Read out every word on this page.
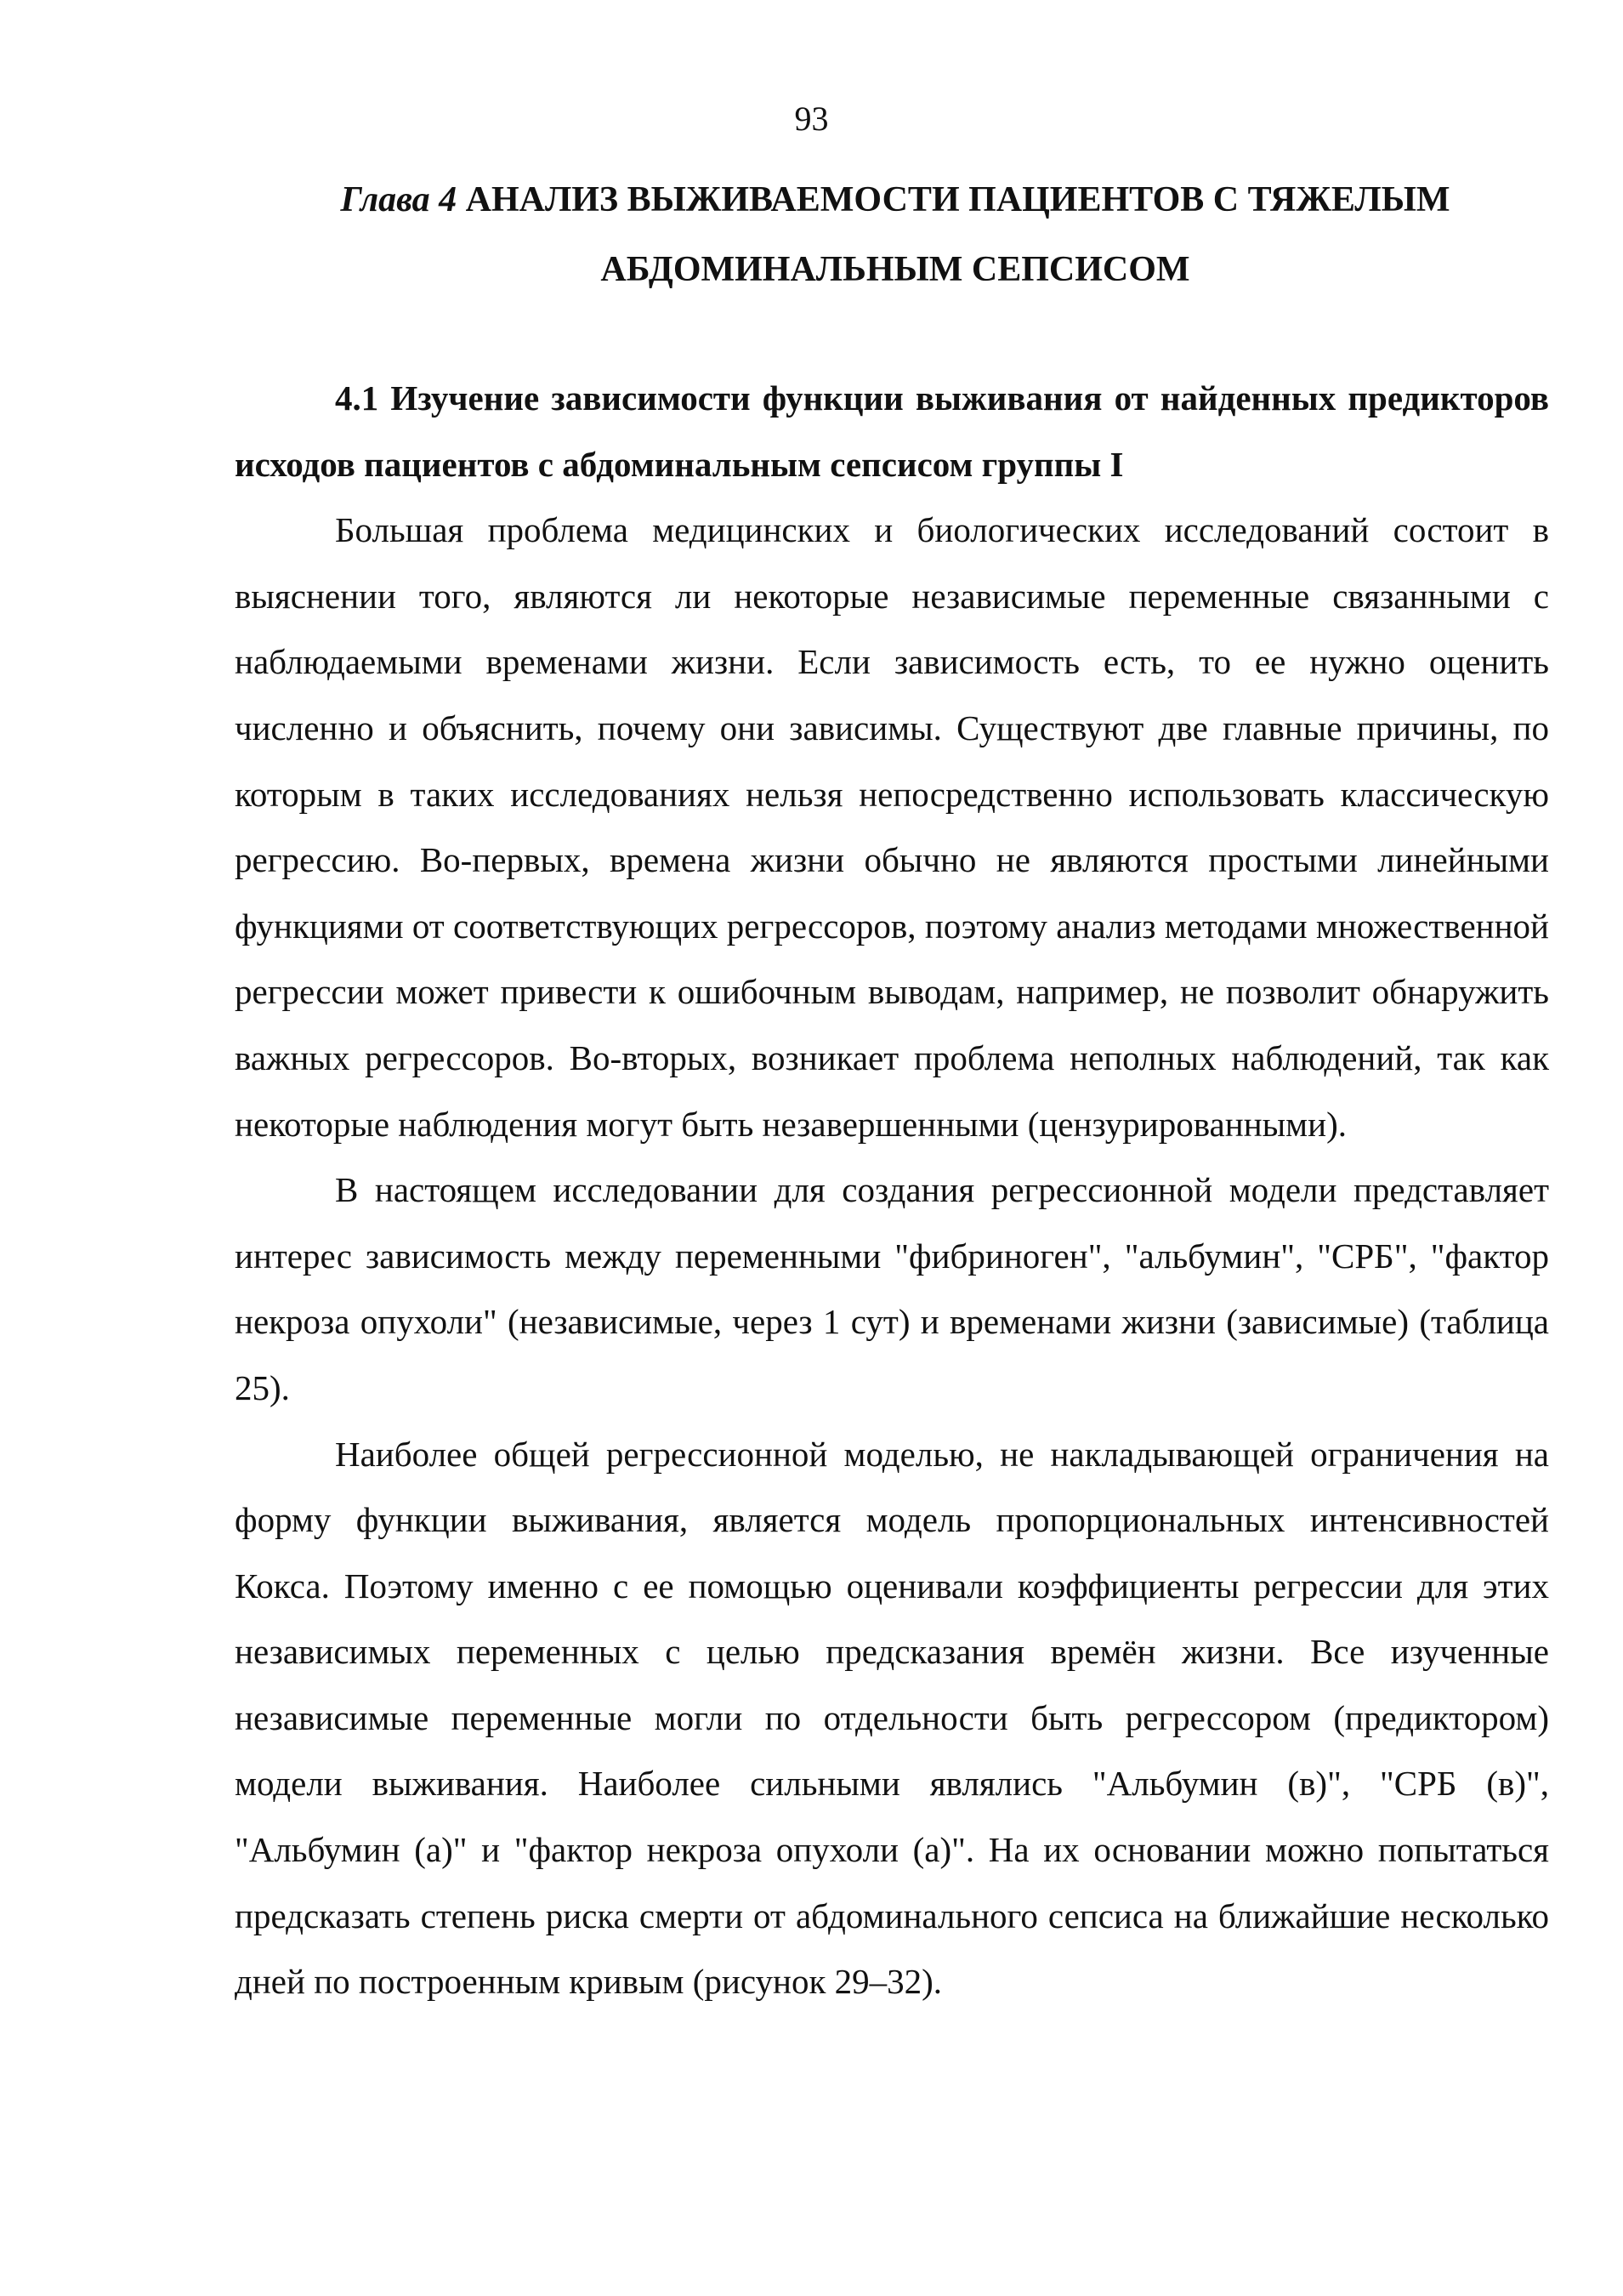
93
Глава 4 АНАЛИЗ ВЫЖИВАЕМОСТИ ПАЦИЕНТОВ С ТЯЖЕЛЫМ
АБДОМИНАЛЬНЫМ СЕПСИСОМ

4.1 Изучение зависимости функции выживания от найденных предикторов исходов пациентов с абдоминальным сепсисом группы I

Большая проблема медицинских и биологических исследований состоит в выяснении того, являются ли некоторые независимые переменные связанными с наблюдаемыми временами жизни. Если зависимость есть, то ее нужно оценить численно и объяснить, почему они зависимы. Существуют две главные причины, по которым в таких исследованиях нельзя непосредственно использовать классическую регрессию. Во-первых, времена жизни обычно не являются простыми линейными функциями от соответствующих регрессоров, поэтому анализ методами множественной регрессии может привести к ошибочным выводам, например, не позволит обнаружить важных регрессоров. Во-вторых, возникает проблема неполных наблюдений, так как некоторые наблюдения могут быть незавершенными (цензурированными).

В настоящем исследовании для создания регрессионной модели представляет интерес зависимость между переменными "фибриноген", "альбумин", "СРБ", "фактор некроза опухоли" (независимые, через 1 сут) и временами жизни (зависимые) (таблица 25).

Наиболее общей регрессионной моделью, не накладывающей ограничения на форму функции выживания, является модель пропорциональных интенсивностей Кокса. Поэтому именно с ее помощью оценивали коэффициенты регрессии для этих независимых переменных с целью предсказания времён жизни. Все изученные независимые переменные могли по отдельности быть регрессором (предиктором) модели выживания. Наиболее сильными являлись "Альбумин (в)", "СРБ (в)", "Альбумин (а)" и "фактор некроза опухоли (а)". На их основании можно попытаться предсказать степень риска смерти от абдоминального сепсиса на ближайшие несколько дней по построенным кривым (рисунок 29–32).
